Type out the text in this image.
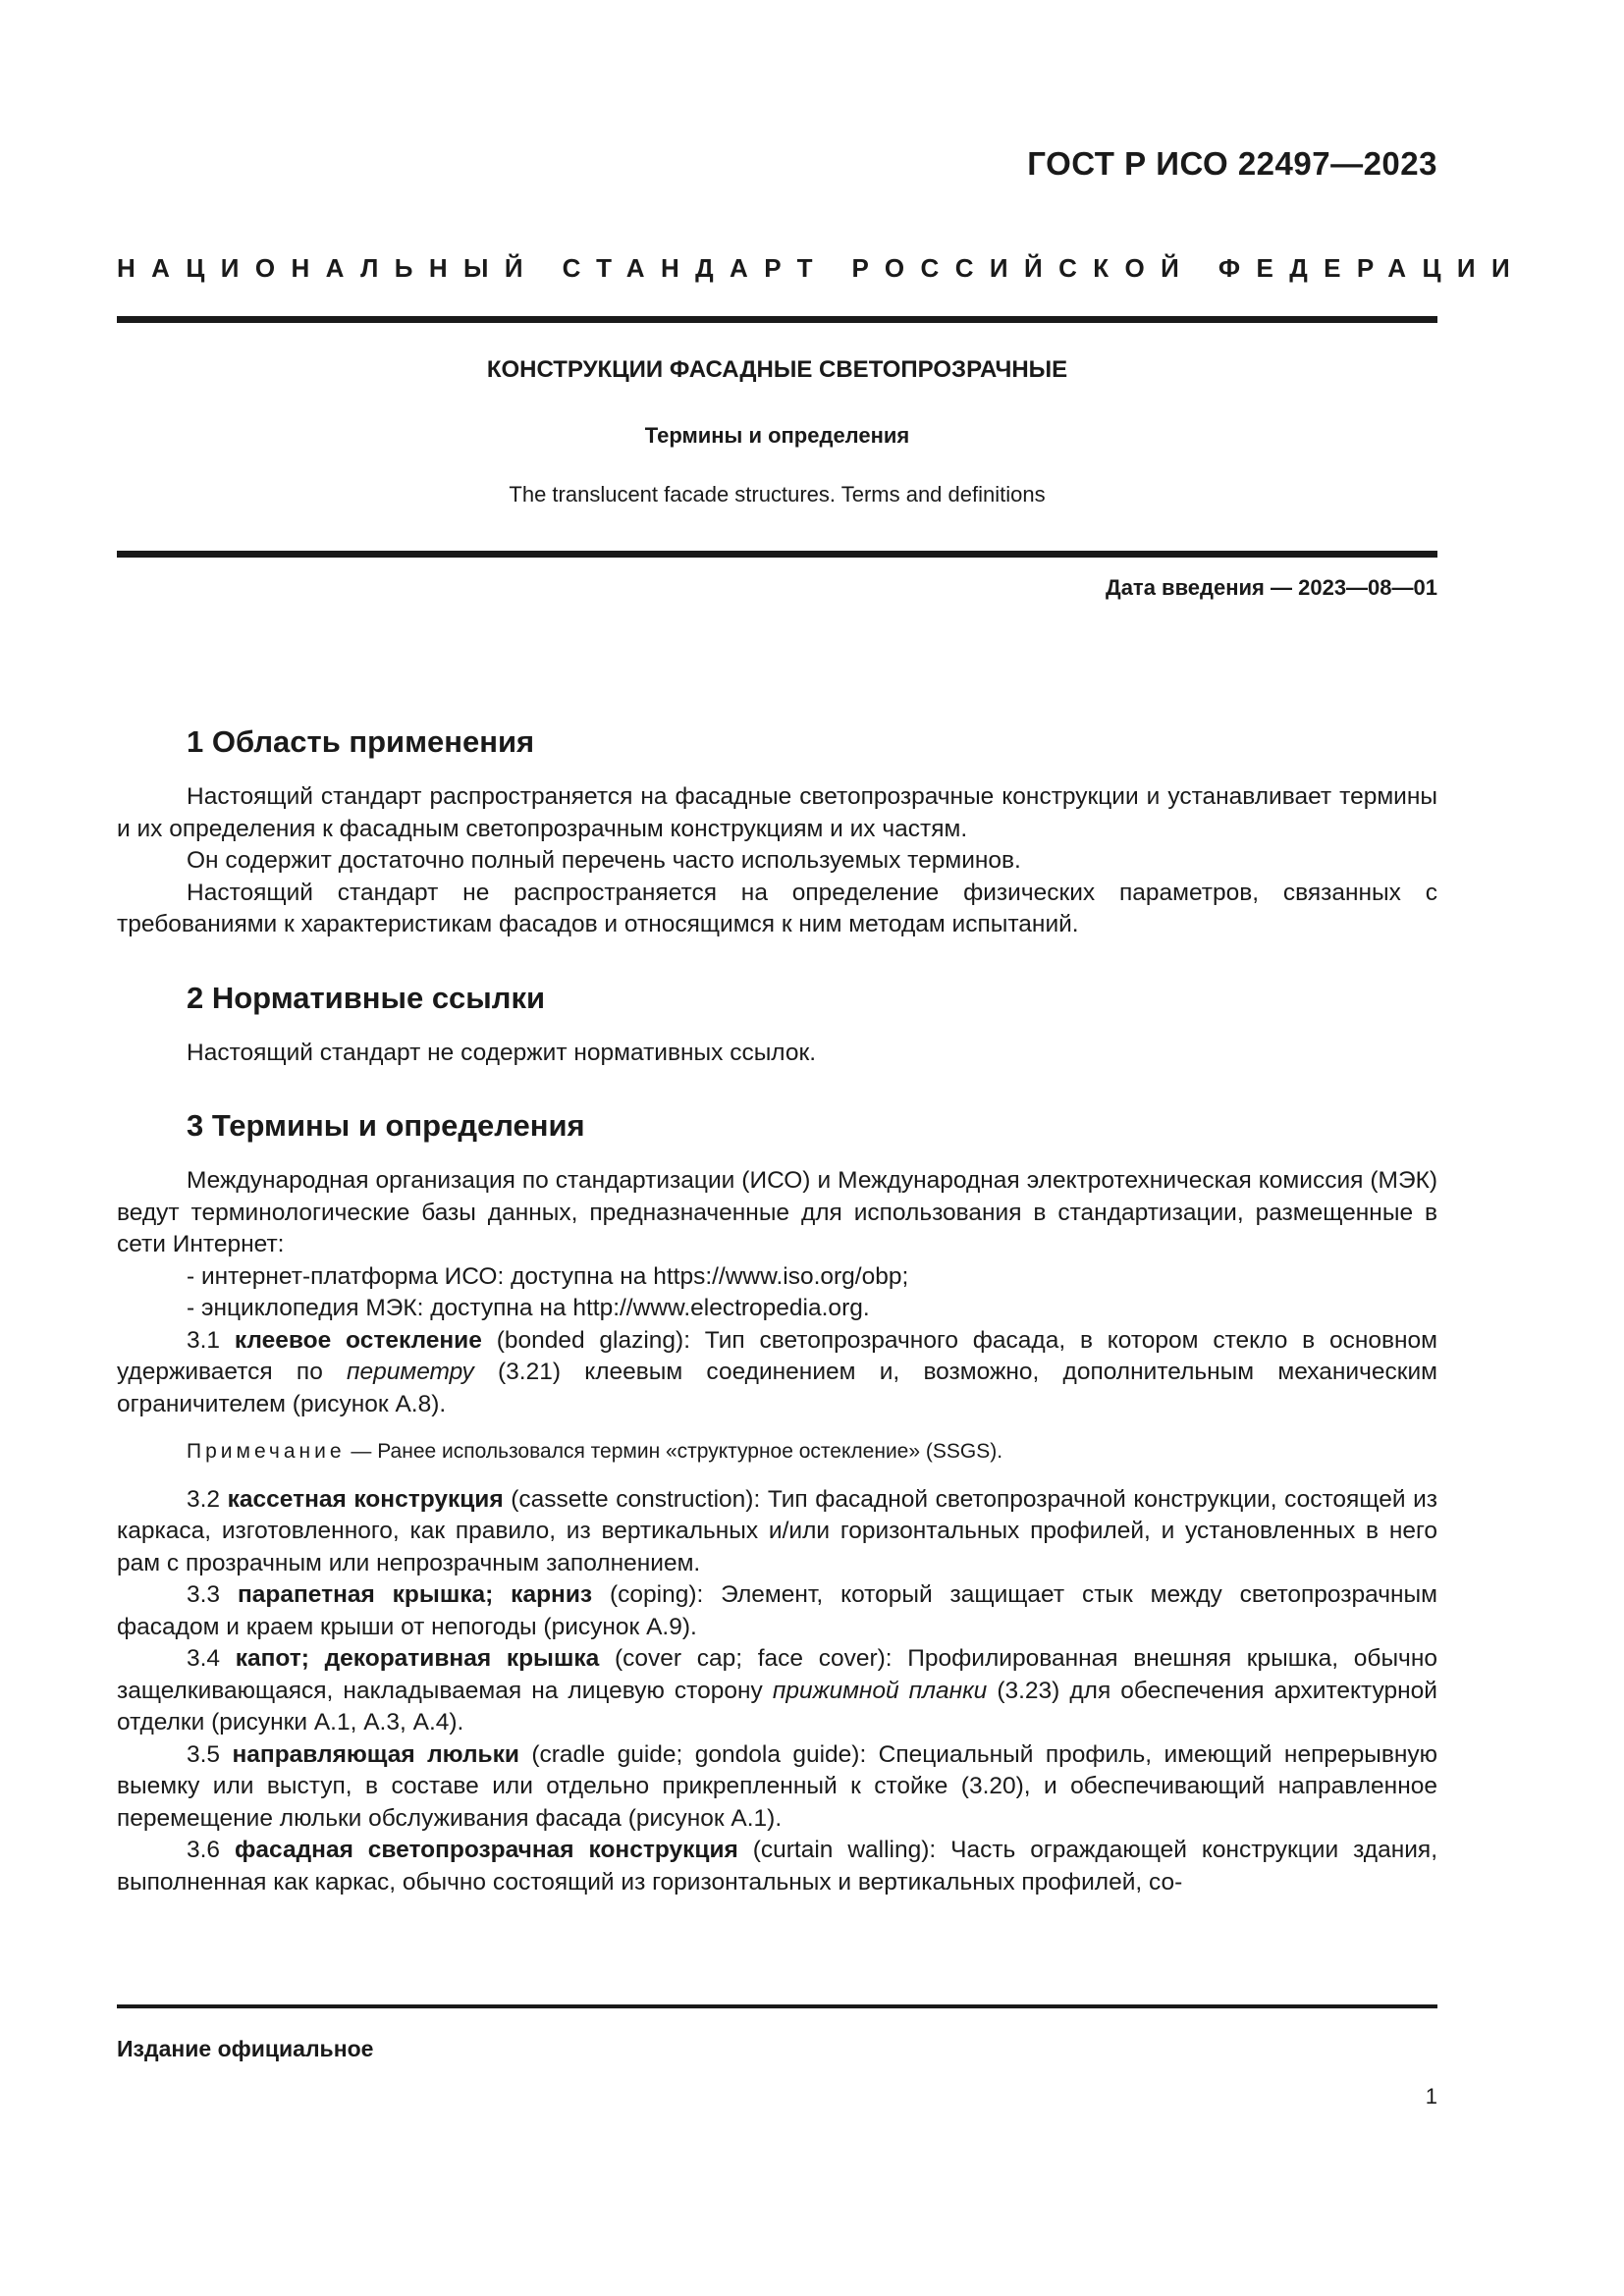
ГОСТ Р ИСО 22497—2023
НАЦИОНАЛЬНЫЙ СТАНДАРТ РОССИЙСКОЙ ФЕДЕРАЦИИ
КОНСТРУКЦИИ ФАСАДНЫЕ СВЕТОПРОЗРАЧНЫЕ
Термины и определения
The translucent facade structures. Terms and definitions
Дата введения — 2023—08—01
1 Область применения

Настоящий стандарт распространяется на фасадные светопрозрачные конструкции и устанавливает термины и их определения к фасадным светопрозрачным конструкциям и их частям.

Он содержит достаточно полный перечень часто используемых терминов.

Настоящий стандарт не распространяется на определение физических параметров, связанных с требованиями к характеристикам фасадов и относящимся к ним методам испытаний.

2 Нормативные ссылки

Настоящий стандарт не содержит нормативных ссылок.

3 Термины и определения

Международная организация по стандартизации (ИСО) и Международная электротехническая комиссия (МЭК) ведут терминологические базы данных, предназначенные для использования в стандартизации, размещенные в сети Интернет:

- интернет-платформа ИСО: доступна на https://www.iso.org/obp;

- энциклопедия МЭК: доступна на http://www.electropedia.org.

3.1 клеевое остекление (bonded glazing): Тип светопрозрачного фасада, в котором стекло в основном удерживается по периметру (3.21) клеевым соединением и, возможно, дополнительным механическим ограничителем (рисунок А.8).

Примечание — Ранее использовался термин «структурное остекление» (SSGS).

3.2 кассетная конструкция (cassette construction): Тип фасадной светопрозрачной конструкции, состоящей из каркаса, изготовленного, как правило, из вертикальных и/или горизонтальных профилей, и установленных в него рам с прозрачным или непрозрачным заполнением.

3.3 парапетная крышка; карниз (coping): Элемент, который защищает стык между светопрозрачным фасадом и краем крыши от непогоды (рисунок А.9).

3.4 капот; декоративная крышка (cover cap; face cover): Профилированная внешняя крышка, обычно защелкивающаяся, накладываемая на лицевую сторону прижимной планки (3.23) для обеспечения архитектурной отделки (рисунки А.1, А.3, А.4).

3.5 направляющая люльки (cradle guide; gondola guide): Специальный профиль, имеющий непрерывную выемку или выступ, в составе или отдельно прикрепленный к стойке (3.20), и обеспечивающий направленное перемещение люльки обслуживания фасада (рисунок А.1).

3.6 фасадная светопрозрачная конструкция (curtain walling): Часть ограждающей конструкции здания, выполненная как каркас, обычно состоящий из горизонтальных и вертикальных профилей, со-

Издание официальное
1
